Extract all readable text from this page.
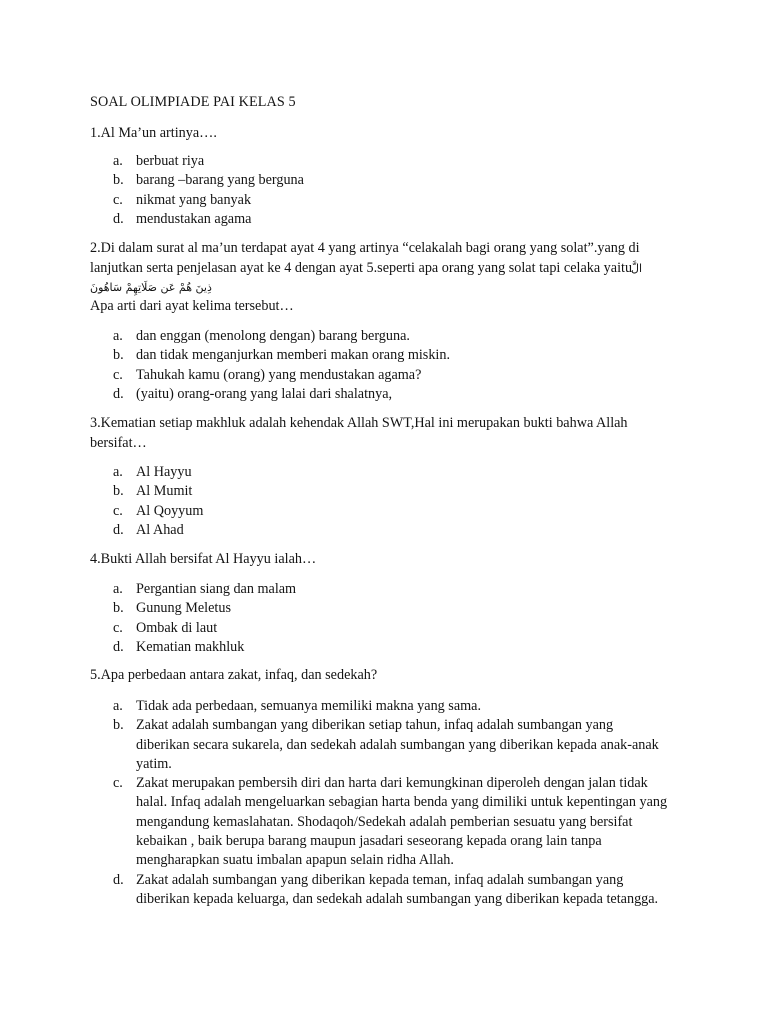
SOAL OLIMPIADE PAI KELAS 5
1.Al Ma’un artinya….
a. berbuat riya
b. barang –barang yang berguna
c. nikmat yang banyak
d. mendustakan agama
2.Di dalam surat al ma’un terdapat ayat 4 yang artinya “celakalah bagi orang yang solat”.yang di
lanjutkan serta penjelasan ayat ke 4 dengan ayat 5.seperti apa orang yang solat tapi celaka yaitu
الَّ
ذِينَ هُمْ عَن صَلَاتِهِمْ سَاهُونَ
Apa arti dari ayat kelima tersebut…
a. dan enggan (menolong dengan) barang berguna.
b. dan tidak menganjurkan memberi makan orang miskin.
c. Tahukah kamu (orang) yang mendustakan agama?
d. (yaitu) orang-orang yang lalai dari shalatnya,
3.Kematian setiap makhluk adalah kehendak Allah SWT,Hal ini merupakan bukti bahwa Allah
bersifat…
a. Al Hayyu
b. Al Mumit
c. Al Qoyyum
d. Al Ahad
4.Bukti Allah bersifat Al Hayyu ialah…
a. Pergantian siang dan malam
b. Gunung Meletus
c. Ombak di laut
d. Kematian makhluk
5.Apa perbedaan antara zakat, infaq, dan sedekah?
a. Tidak ada perbedaan, semuanya memiliki makna yang sama.
b. Zakat adalah sumbangan yang diberikan setiap tahun, infaq adalah sumbangan yang diberikan secara sukarela, dan sedekah adalah sumbangan yang diberikan kepada anak-anak yatim.
c. Zakat merupakan pembersih diri dan harta dari kemungkinan diperoleh dengan jalan tidak halal. Infaq adalah mengeluarkan sebagian harta benda yang dimiliki untuk kepentingan yang mengandung kemaslahatan. Shodaqoh/Sedekah adalah pemberian sesuatu yang bersifat kebaikan , baik berupa barang maupun jasadari seseorang kepada orang lain tanpa mengharapkan suatu imbalan apapun selain ridha Allah.
d. Zakat adalah sumbangan yang diberikan kepada teman, infaq adalah sumbangan yang diberikan kepada keluarga, dan sedekah adalah sumbangan yang diberikan kepada tetangga.
